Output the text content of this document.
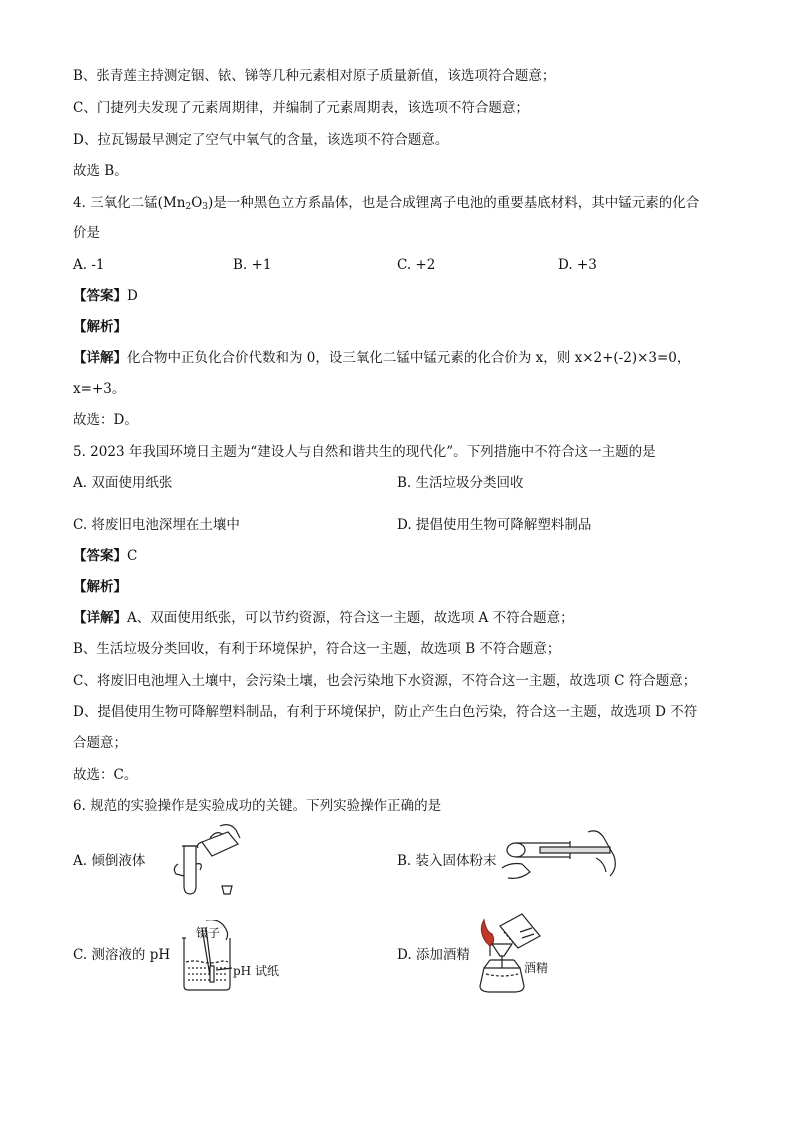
B、张青莲主持测定铟、铱、锑等几种元素相对原子质量新值，该选项符合题意；
C、门捷列夫发现了元素周期律，并编制了元素周期表，该选项不符合题意；
D、拉瓦锡最早测定了空气中氧气的含量，该选项不符合题意。
故选 B。
4. 三氧化二锰$(Mn_2O_3)$是一种黑色立方系晶体，也是合成锂离子电池的重要基底材料，其中锰元素的化合
价是
A. -1	B. +1	C. +2	D. +3
【答案】D
【解析】
【详解】化合物中正负化合价代数和为 0，设三氧化二锰中锰元素的化合价为 x，则 x×2+(-2)×3=0，
x=+3。
故选：D。
5. 2023 年我国环境日主题为“建设人与自然和谐共生的现代化”。下列措施中不符合这一主题的是
A. 双面使用纸张	B. 生活垃圾分类回收
C. 将废旧电池深埋在土壤中	D. 提倡使用生物可降解塑料制品
【答案】C
【解析】
【详解】A、双面使用纸张，可以节约资源，符合这一主题，故选项 A 不符合题意；
B、生活垃圾分类回收，有利于环境保护，符合这一主题，故选项 B 不符合题意；
C、将废旧电池埋入土壤中，会污染土壤，也会污染地下水资源，不符合这一主题，故选项 C 符合题意；
D、提倡使用生物可降解塑料制品，有利于环境保护，防止产生白色污染，符合这一主题，故选项 D 不符
合题意；
故选：C。
6. 规范的实验操作是实验成功的关键。下列实验操作正确的是
A. 倾倒液体	B. 装入固体粉末
C. 测溶液的 pH
镊子
pH 试纸
D. 添加酒精
酒精
